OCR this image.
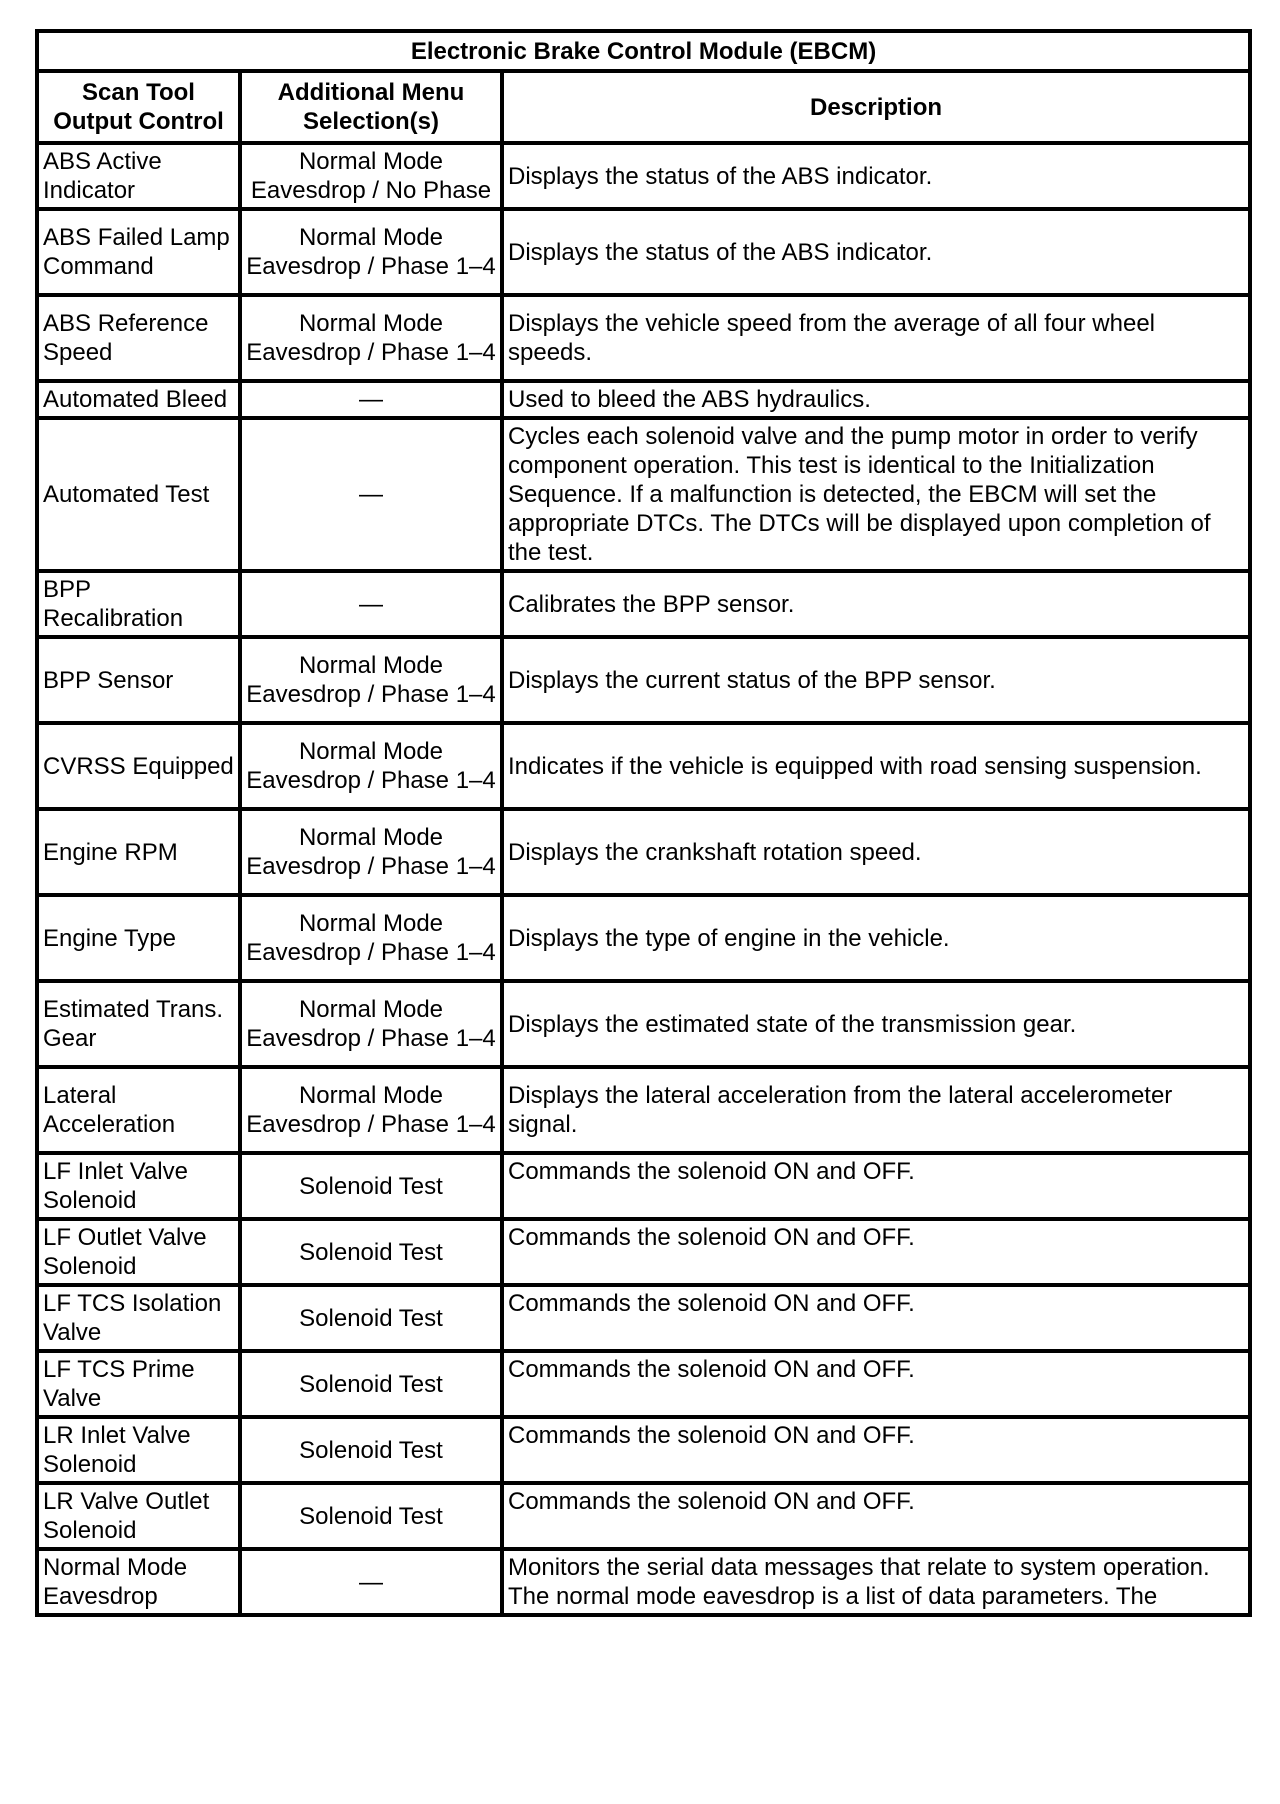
Electronic Brake Control Module (EBCM)		
Scan Tool Output Control	Additional Menu Selection(s)	Description
ABS Active Indicator	Normal Mode Eavesdrop / No Phase	Displays the status of the ABS indicator.
ABS Failed Lamp Command	Normal Mode Eavesdrop / Phase 1–4	Displays the status of the ABS indicator.
ABS Reference Speed	Normal Mode Eavesdrop / Phase 1–4	Displays the vehicle speed from the average of all four wheel speeds.
Automated Bleed	—	Used to bleed the ABS hydraulics.
Automated Test	—	Cycles each solenoid valve and the pump motor in order to verify component operation. This test is identical to the Initialization Sequence. If a malfunction is detected, the EBCM will set the appropriate DTCs. The DTCs will be displayed upon completion of the test.
BPP Recalibration	—	Calibrates the BPP sensor.
BPP Sensor	Normal Mode Eavesdrop / Phase 1–4	Displays the current status of the BPP sensor.
CVRSS Equipped	Normal Mode Eavesdrop / Phase 1–4	Indicates if the vehicle is equipped with road sensing suspension.
Engine RPM	Normal Mode Eavesdrop / Phase 1–4	Displays the crankshaft rotation speed.
Engine Type	Normal Mode Eavesdrop / Phase 1–4	Displays the type of engine in the vehicle.
Estimated Trans. Gear	Normal Mode Eavesdrop / Phase 1–4	Displays the estimated state of the transmission gear.
Lateral Acceleration	Normal Mode Eavesdrop / Phase 1–4	Displays the lateral acceleration from the lateral accelerometer signal.
LF Inlet Valve Solenoid	Solenoid Test	Commands the solenoid ON and OFF.
LF Outlet Valve Solenoid	Solenoid Test	Commands the solenoid ON and OFF.
LF TCS Isolation Valve	Solenoid Test	Commands the solenoid ON and OFF.
LF TCS Prime Valve	Solenoid Test	Commands the solenoid ON and OFF.
LR Inlet Valve Solenoid	Solenoid Test	Commands the solenoid ON and OFF.
LR Valve Outlet Solenoid	Solenoid Test	Commands the solenoid ON and OFF.
Normal Mode Eavesdrop	—	Monitors the serial data messages that relate to system operation. The normal mode eavesdrop is a list of data parameters. The
